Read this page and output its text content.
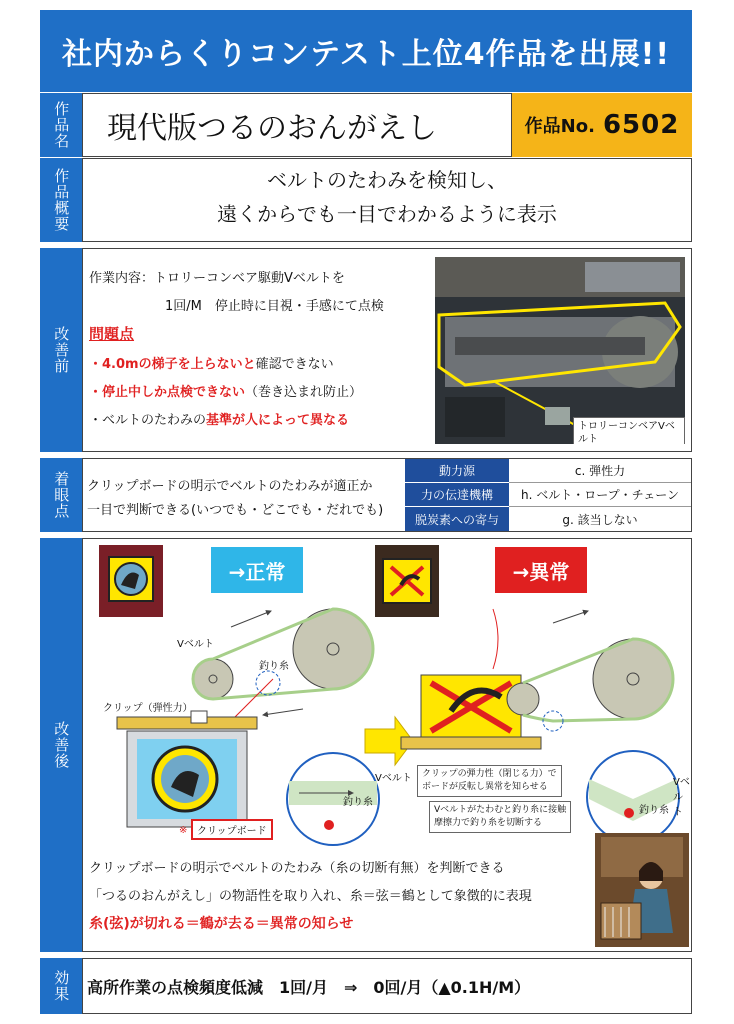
社内からくりコンテスト上位4作品を出展!!
作品名	現代版つるのおんがえし	作品No. 6502
作品概要	ベルトのたわみを検知し、
遠くからでも一目でわかるように表示
改善前
作業内容：トロリーコンベア駆動Vベルトを
1回/M　停止時に目視・手感にて点検
問題点
・4.0mの梯子を上らないと確認できない
・停止中しか点検できない（巻き込まれ防止）
・ベルトのたわみの基準が人によって異なる	トロリーコンベアVベルト
着眼点	クリップボードの明示でベルトのたわみが適正か
一目で判断できる(いつでも・どこでも・だれでも)
動力源	c. 弾性力
力の伝達機構	h. ベルト・ロープ・チェーン
脱炭素への寄与	g. 該当しない
改善後
→正常	→異常
Vベルト
釣り糸
クリップ（弾性力）
Vベルト
釣り糸
※ クリップボード
クリップの弾力性（閉じる力）で
ボードが反転し異常を知らせる
Vベルトがたわむと釣り糸に接触
摩擦力で釣り糸を切断する
Vベルト
釣り糸
クリップボードの明示でベルトのたわみ（糸の切断有無）を判断できる
「つるのおんがえし」の物語性を取り入れ、糸＝弦＝鶴として象徴的に表現
糸(弦)が切れる＝鶴が去る＝異常の知らせ
効果	高所作業の点検頻度低減　1回/月　⇒　0回/月（▲0.1H/M）
